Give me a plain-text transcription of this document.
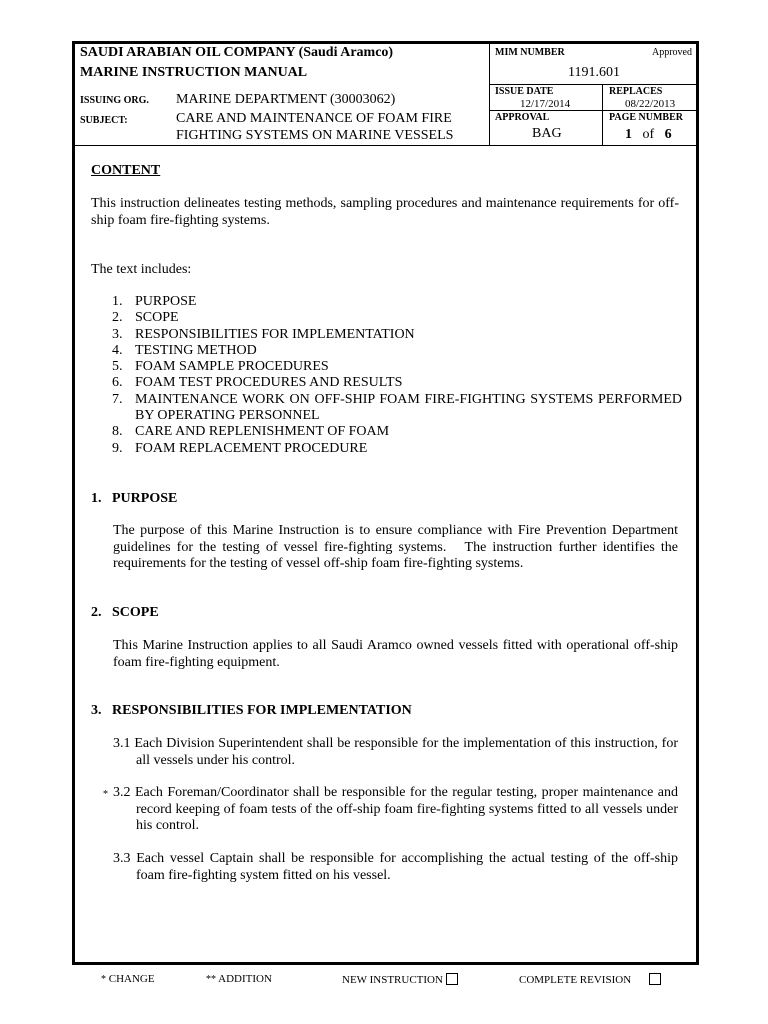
SAUDI ARABIAN OIL COMPANY (Saudi Aramco)
MARINE INSTRUCTION MANUAL
ISSUING ORG. MARINE DEPARTMENT (30003062)
SUBJECT:	CARE AND MAINTENANCE OF FOAM FIRE
FIGHTING SYSTEMS ON MARINE VESSELS
MIM NUMBER	Approved
1191.601
ISSUE DATE
12/17/2014
REPLACES
08/22/2013
APPROVAL
BAG
PAGE NUMBER
1 of 6
CONTENT

This instruction delineates testing methods, sampling procedures and maintenance requirements for off-ship foam fire-fighting systems.

The text includes:
1. PURPOSE
2. SCOPE
3. RESPONSIBILITIES FOR IMPLEMENTATION
4. TESTING METHOD
5. FOAM SAMPLE PROCEDURES
6. FOAM TEST PROCEDURES AND RESULTS
7. MAINTENANCE WORK ON OFF-SHIP FOAM FIRE-FIGHTING SYSTEMS PERFORMED BY OPERATING PERSONNEL
8. CARE AND REPLENISHMENT OF FOAM
9. FOAM REPLACEMENT PROCEDURE
1.   PURPOSE

The purpose of this Marine Instruction is to ensure compliance with Fire Prevention Department guidelines for the testing of vessel fire-fighting systems.   The instruction further identifies the requirements for the testing of vessel off-ship foam fire-fighting systems.

2.   SCOPE

This Marine Instruction applies to all Saudi Aramco owned vessels fitted with operational off-ship foam fire-fighting equipment.

3.   RESPONSIBILITIES FOR IMPLEMENTATION

3.1 Each Division Superintendent shall be responsible for the implementation of this instruction, for all vessels under his control.

* 3.2 Each Foreman/Coordinator shall be responsible for the regular testing, proper maintenance and record keeping of foam tests of the off-ship foam fire-fighting systems fitted to all vessels under his control.

3.3 Each vessel Captain shall be responsible for accomplishing the actual testing of the off-ship foam fire-fighting system fitted on his vessel.

* CHANGE	** ADDITION	NEW INSTRUCTION	COMPLETE REVISION
